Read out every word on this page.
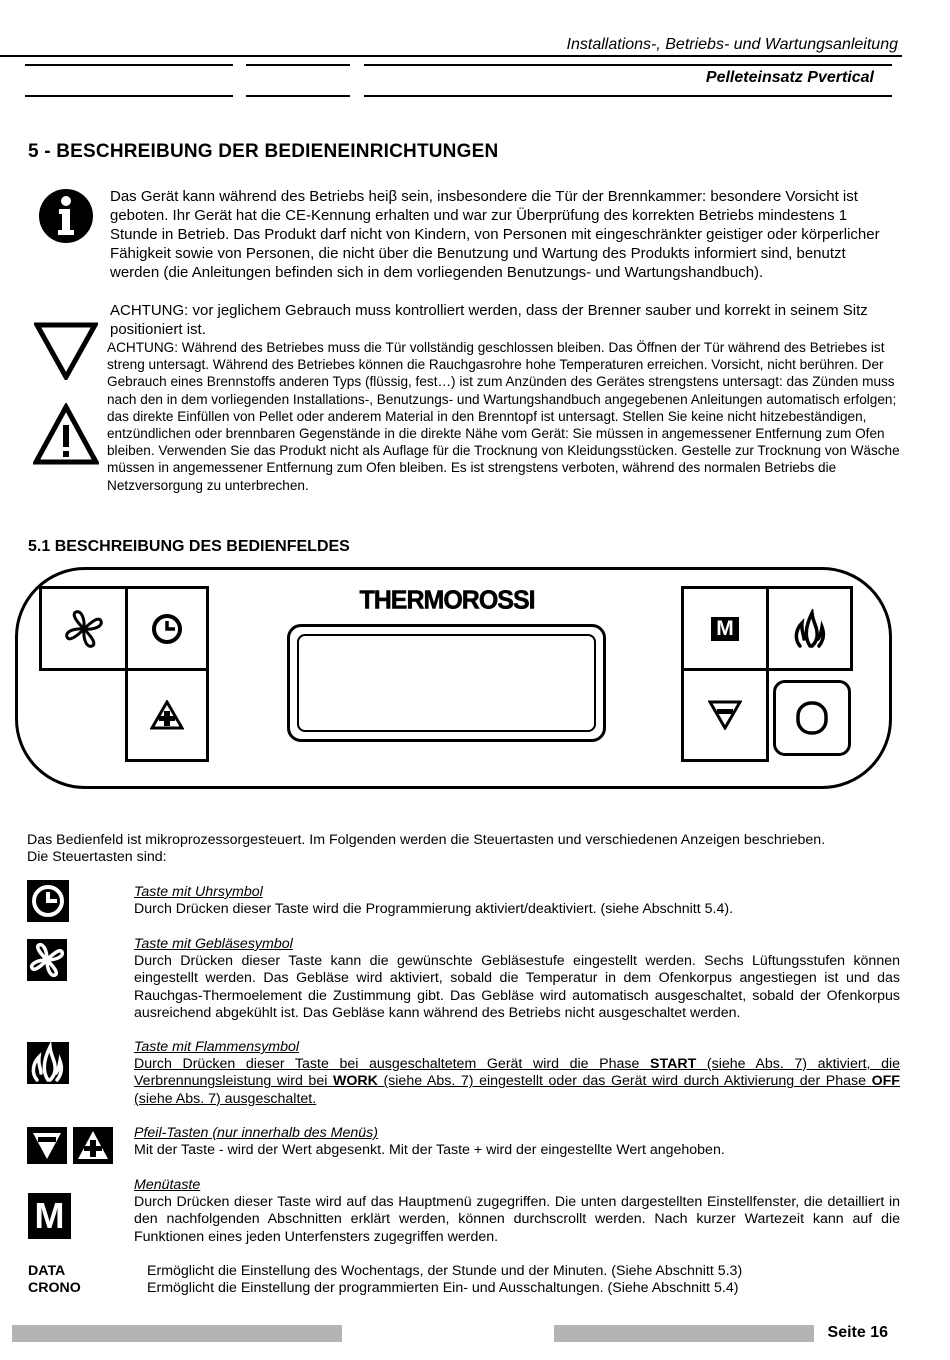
Installations-, Betriebs- und Wartungsanleitung
Pelleteinsatz Pvertical
5 - BESCHREIBUNG DER BEDIENEINRICHTUNGEN
Das Gerät kann während des Betriebs heiβ sein, insbesondere die Tür der Brennkammer: besondere Vorsicht ist geboten. Ihr Gerät hat die CE-Kennung erhalten und war zur Überprüfung des korrekten Betriebs mindestens 1 Stunde in Betrieb. Das Produkt darf nicht von Kindern, von Personen mit eingeschränkter geistiger oder körperlicher Fähigkeit sowie von Personen, die nicht über die Benutzung und Wartung des Produkts informiert sind, benutzt werden (die Anleitungen befinden sich in dem vorliegenden Benutzungs- und Wartungshandbuch).
ACHTUNG: vor jeglichem Gebrauch muss kontrolliert werden, dass der Brenner sauber und korrekt in seinem Sitz positioniert ist.
ACHTUNG: Während des Betriebes muss die Tür vollständig geschlossen bleiben. Das Öffnen der Tür während des Betriebes ist streng untersagt. Während des Betriebes können die Rauchgasrohre hohe Temperaturen erreichen. Vorsicht, nicht berühren. Der Gebrauch eines Brennstoffs anderen Typs (flüssig, fest…) ist zum Anzünden des Gerätes strengstens untersagt: das Zünden muss nach den in dem vorliegenden Installations-, Benutzungs- und Wartungshandbuch angegebenen Anleitungen automatisch erfolgen; das direkte Einfüllen von Pellet oder anderem Material in den Brenntopf ist untersagt. Stellen Sie keine nicht hitzebeständigen, entzündlichen oder brennbaren Gegenstände in die direkte Nähe vom Gerät: Sie müssen in angemessener Entfernung zum Ofen bleiben. Verwenden Sie das Produkt nicht als Auflage für die Trocknung von Kleidungsstücken. Gestelle zur Trocknung von Wäsche müssen in angemessener Entfernung zum Ofen bleiben. Es ist strengstens verboten, während des normalen Betriebs die Netzversorgung zu unterbrechen.
5.1 BESCHREIBUNG DES BEDIENFELDES
THERMOROSSI
M
Das Bedienfeld ist mikroprozessorgesteuert. Im Folgenden werden die Steuertasten und verschiedenen Anzeigen beschrieben.
Die Steuertasten sind:
Taste mit Uhrsymbol
Durch Drücken dieser Taste wird die Programmierung aktiviert/deaktiviert. (siehe Abschnitt 5.4).
Taste mit Gebläsesymbol
Durch Drücken dieser Taste kann die gewünschte Gebläsestufe eingestellt werden. Sechs Lüftungsstufen können eingestellt werden. Das Gebläse wird aktiviert, sobald die Temperatur in dem Ofenkorpus angestiegen ist und das Rauchgas-Thermoelement die Zustimmung gibt. Das Gebläse wird automatisch ausgeschaltet, sobald der Ofenkorpus ausreichend abgekühlt ist. Das Gebläse kann während des Betriebs nicht ausgeschaltet werden.
Taste mit Flammensymbol
Durch Drücken dieser Taste bei ausgeschaltetem Gerät wird die Phase START (siehe Abs. 7) aktiviert, die Verbrennungsleistung wird bei WORK (siehe Abs. 7) eingestellt oder das Gerät wird durch Aktivierung der Phase OFF (siehe Abs. 7) ausgeschaltet.
Pfeil-Tasten (nur innerhalb des Menüs)
Mit der Taste - wird der Wert abgesenkt. Mit der Taste + wird der eingestellte Wert angehoben.
M
Menütaste
Durch Drücken dieser Taste wird auf das Hauptmenü zugegriffen. Die unten dargestellten Einstellfenster, die detailliert in den nachfolgenden Abschnitten erklärt werden, können durchscrollt werden. Nach kurzer Wartezeit kann auf die Funktionen eines jeden Unterfensters zugegriffen werden.
DATA	Ermöglicht die Einstellung des Wochentags, der Stunde und der Minuten. (Siehe Abschnitt 5.3)
CRONO	Ermöglicht die Einstellung der programmierten Ein- und Ausschaltungen. (Siehe Abschnitt 5.4)
Seite 16
